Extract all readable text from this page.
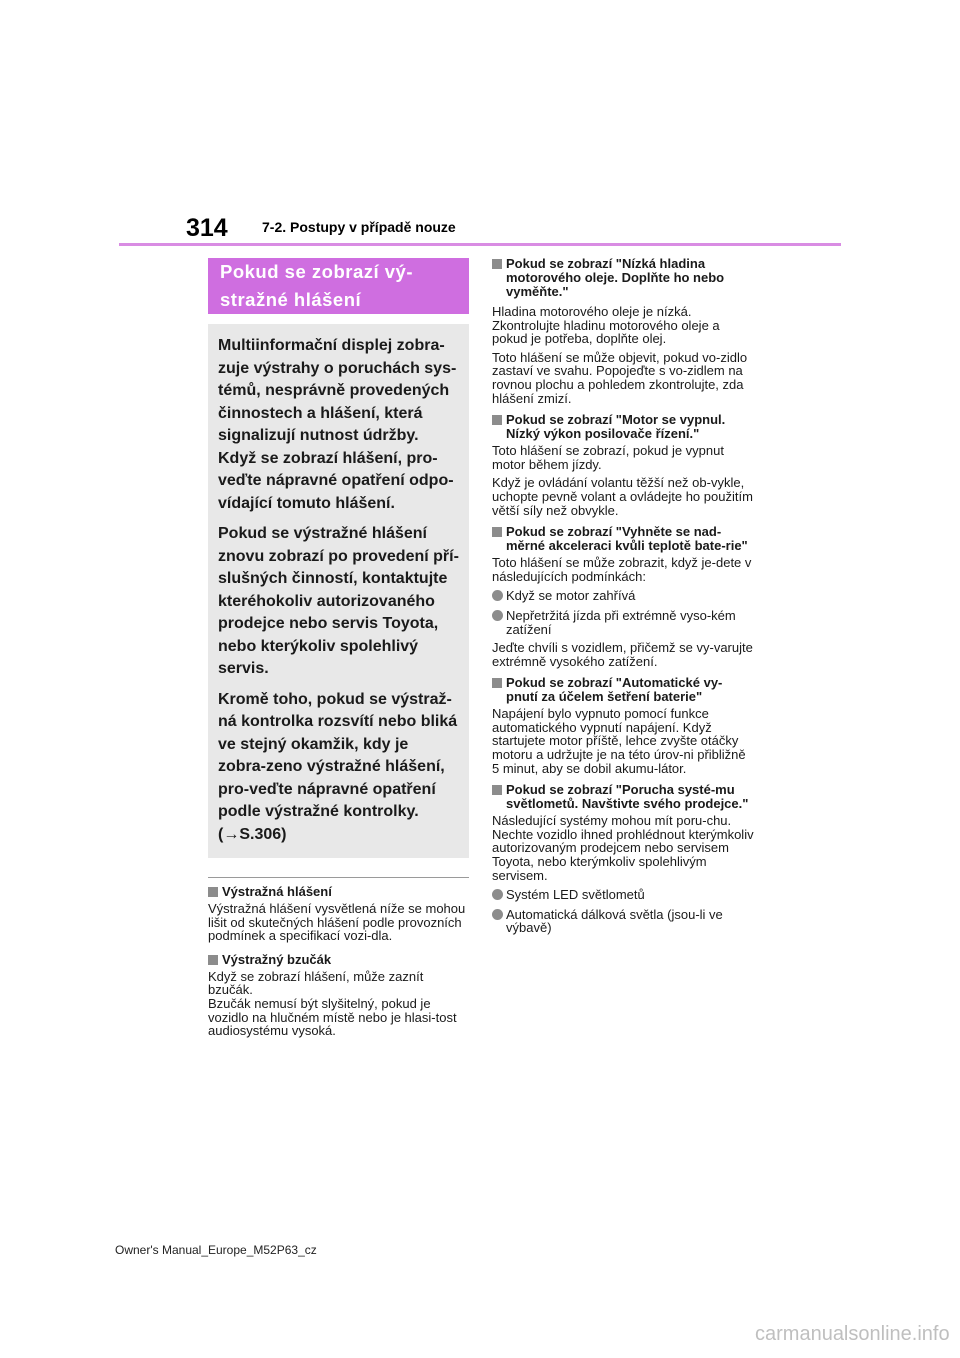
314 7-2. Postupy v případě nouze
Pokud se zobrazí vý-
stražné hlášení

Multiinformační displej zobra-zuje výstrahy o poruchách sys-témů, nesprávně provedených činnostech a hlášení, která signalizují nutnost údržby. Když se zobrazí hlášení, pro-veďte nápravné opatření odpo-vídající tomuto hlášení.

Pokud se výstražné hlášení znovu zobrazí po provedení pří-slušných činností, kontaktujte kteréhokoliv autorizovaného prodejce nebo servis Toyota, nebo kterýkoliv spolehlivý servis.

Kromě toho, pokud se výstraž-ná kontrolka rozsvítí nebo bliká ve stejný okamžik, kdy je zobra-zeno výstražné hlášení, pro-veďte nápravné opatření podle výstražné kontrolky. (→S.306)

Výstražná hlášení
Výstražná hlášení vysvětlená níže se mohou lišit od skutečných hlášení podle provozních podmínek a specifikací vozi-dla.
Výstražný bzučák
Když se zobrazí hlášení, může zaznít bzučák.
Bzučák nemusí být slyšitelný, pokud je vozidlo na hlučném místě nebo je hlasi-tost audiosystému vysoká.
Pokud se zobrazí "Nízká hladina motorového oleje. Doplňte ho nebo vyměňte."
Hladina motorového oleje je nízká. Zkontrolujte hladinu motorového oleje a pokud je potřeba, doplňte olej.
Toto hlášení se může objevit, pokud vo-zidlo zastaví ve svahu. Popojeďte s vo-zidlem na rovnou plochu a pohledem zkontrolujte, zda hlášení zmizí.
Pokud se zobrazí "Motor se vypnul. Nízký výkon posilovače řízení."
Toto hlášení se zobrazí, pokud je vypnut motor během jízdy.
Když je ovládání volantu těžší než ob-vykle, uchopte pevně volant a ovládejte ho použitím větší síly než obvykle.
Pokud se zobrazí "Vyhněte se nad-měrné akceleraci kvůli teplotě bate-rie"
Toto hlášení se může zobrazit, když je-dete v následujících podmínkách:
Když se motor zahřívá
Nepřetržitá jízda při extrémně vyso-kém zatížení
Jeďte chvíli s vozidlem, přičemž se vy-varujte extrémně vysokého zatížení.
Pokud se zobrazí "Automatické vy-pnutí za účelem šetření baterie"
Napájení bylo vypnuto pomocí funkce automatického vypnutí napájení. Když startujete motor příště, lehce zvyšte otáčky motoru a udržujte je na této úrov-ni přibližně 5 minut, aby se dobil akumu-látor.
Pokud se zobrazí "Porucha systé-mu světlometů. Navštivte svého prodejce."
Následující systémy mohou mít poru-chu. Nechte vozidlo ihned prohlédnout kterýmkoliv autorizovaným prodejcem nebo servisem Toyota, nebo kterýmkoliv spolehlivým servisem.
Systém LED světlometů
Automatická dálková světla (jsou-li ve výbavě)
Owner's Manual_Europe_M52P63_cz
carmanualsonline.info
